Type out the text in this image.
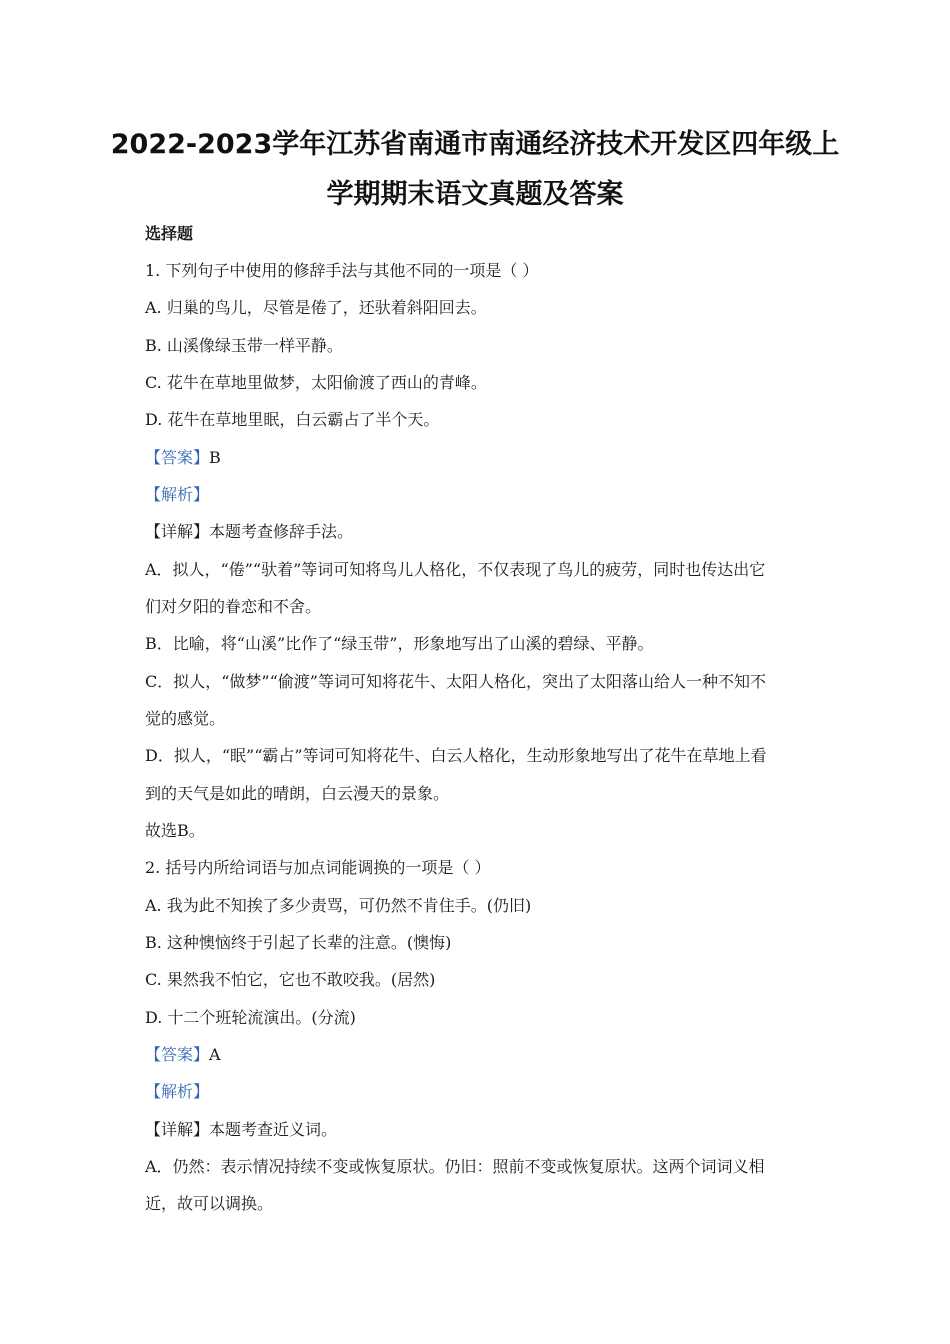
2022-2023学年江苏省南通市南通经济技术开发区四年级上
学期期末语文真题及答案
选择题
1. 下列句子中使用的修辞手法与其他不同的一项是（ ）
A. 归巢的鸟儿，尽管是倦了，还驮着斜阳回去。
B. 山溪像绿玉带一样平静。
C. 花牛在草地里做梦，太阳偷渡了西山的青峰。
D. 花牛在草地里眠，白云霸占了半个天。
【答案】B
【解析】
【详解】本题考查修辞手法。
A．拟人，“倦”“驮着”等词可知将鸟儿人格化，不仅表现了鸟儿的疲劳，同时也传达出它
们对夕阳的眷恋和不舍。
B．比喻，将“山溪”比作了“绿玉带”，形象地写出了山溪的碧绿、平静。
C．拟人，“做梦”“偷渡”等词可知将花牛、太阳人格化，突出了太阳落山给人一种不知不
觉的感觉。
D．拟人，“眠”“霸占”等词可知将花牛、白云人格化，生动形象地写出了花牛在草地上看
到的天气是如此的晴朗，白云漫天的景象。
故选B。
2. 括号内所给词语与加点词能调换的一项是（ ）
A. 我为此不知挨了多少责骂，可仍然不肯住手。(仍旧)
B. 这种懊恼终于引起了长辈的注意。(懊悔)
C. 果然我不怕它，它也不敢咬我。(居然)
D. 十二个班轮流演出。(分流)
【答案】A
【解析】
【详解】本题考查近义词。
A．仍然：表示情况持续不变或恢复原状。仍旧：照前不变或恢复原状。这两个词词义相
近，故可以调换。
